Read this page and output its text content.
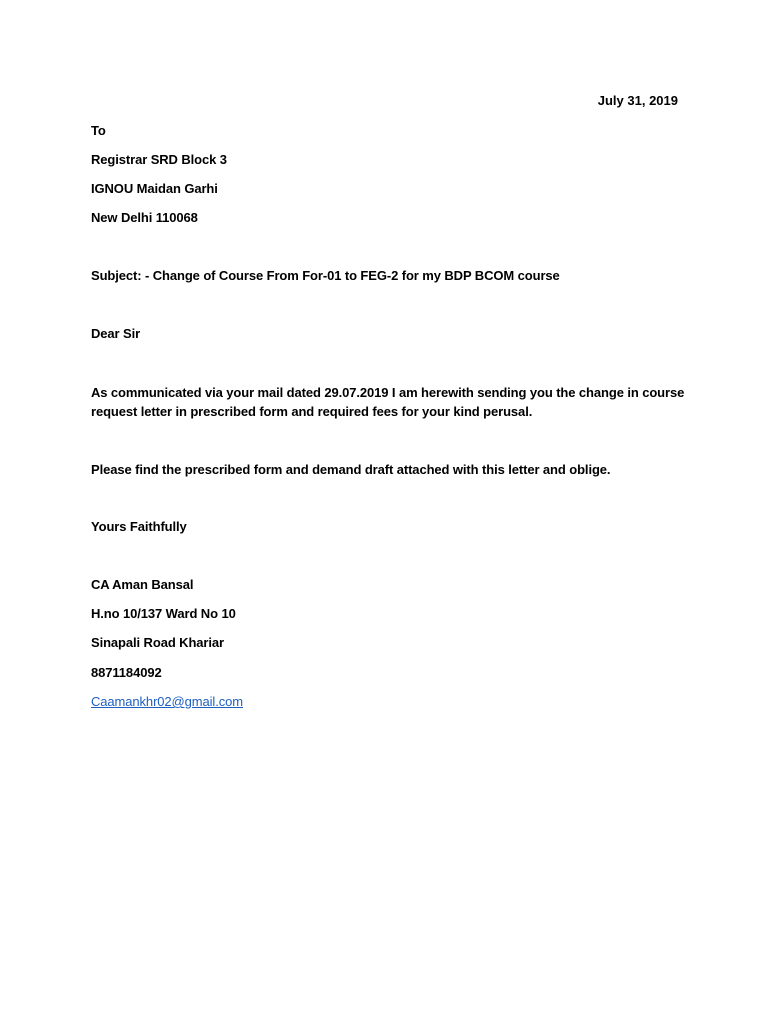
July 31, 2019
To
Registrar SRD Block 3
IGNOU Maidan Garhi
New Delhi 110068
Subject: - Change of Course From For-01 to FEG-2 for my BDP BCOM course
Dear Sir
As communicated via your mail dated 29.07.2019 I am herewith sending you the change in course
request letter in prescribed form and required fees for your kind perusal.
Please find the prescribed form and demand draft attached with this letter and oblige.
Yours Faithfully
CA Aman Bansal
H.no 10/137 Ward No 10
Sinapali Road Khariar
8871184092
Caamankhr02@gmail.com
